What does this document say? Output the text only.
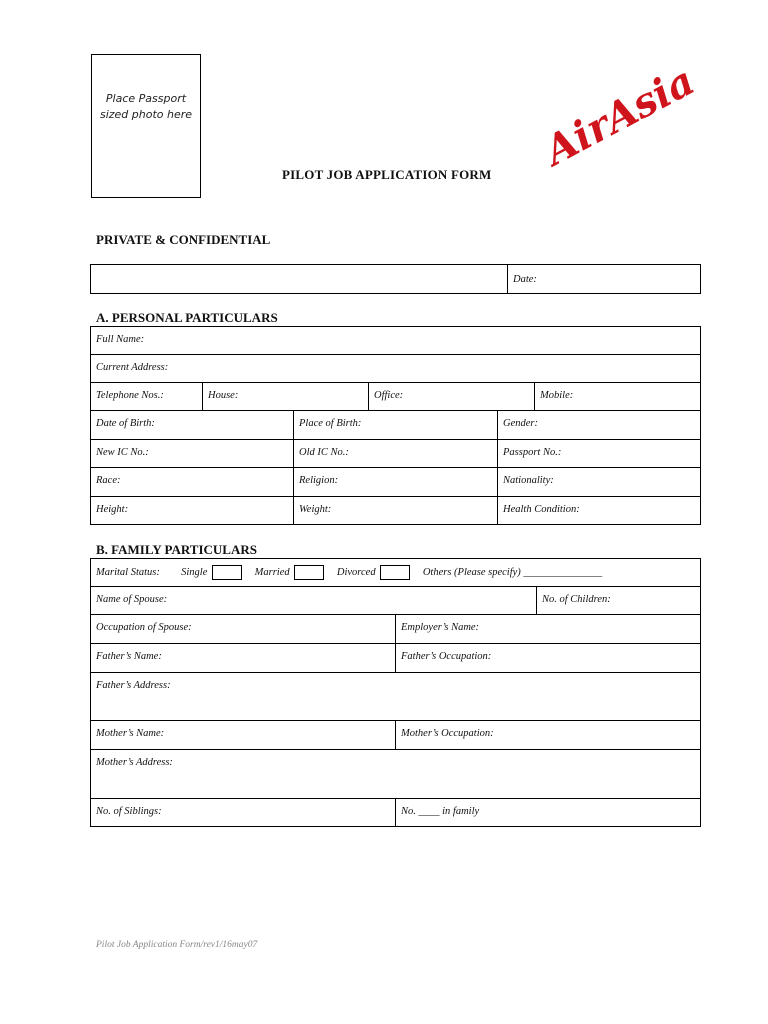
Place Passport
sized photo here	AirAsia
PILOT JOB APPLICATION FORM
PRIVATE & CONFIDENTIAL
Date:
A. PERSONAL PARTICULARS
Full Name:
Current Address:
Telephone Nos.:	House:	Office:	Mobile:
Date of Birth:	Place of Birth:	Gender:
New IC No.:	Old IC No.:	Passport No.:
Race:	Religion:	Nationality:
Height:	Weight:	Health Condition:
B. FAMILY PARTICULARS
Marital Status: Single	Married	Divorced	Others (Please specify) _______________
Name of Spouse:	No. of Children:
Occupation of Spouse:	Employer’s Name:
Father’s Name:	Father’s Occupation:
Father’s Address:
Mother’s Name:	Mother’s Occupation:
Mother’s Address:
No. of Siblings:	No. ____ in family
Pilot Job Application Form/rev1/16may07
